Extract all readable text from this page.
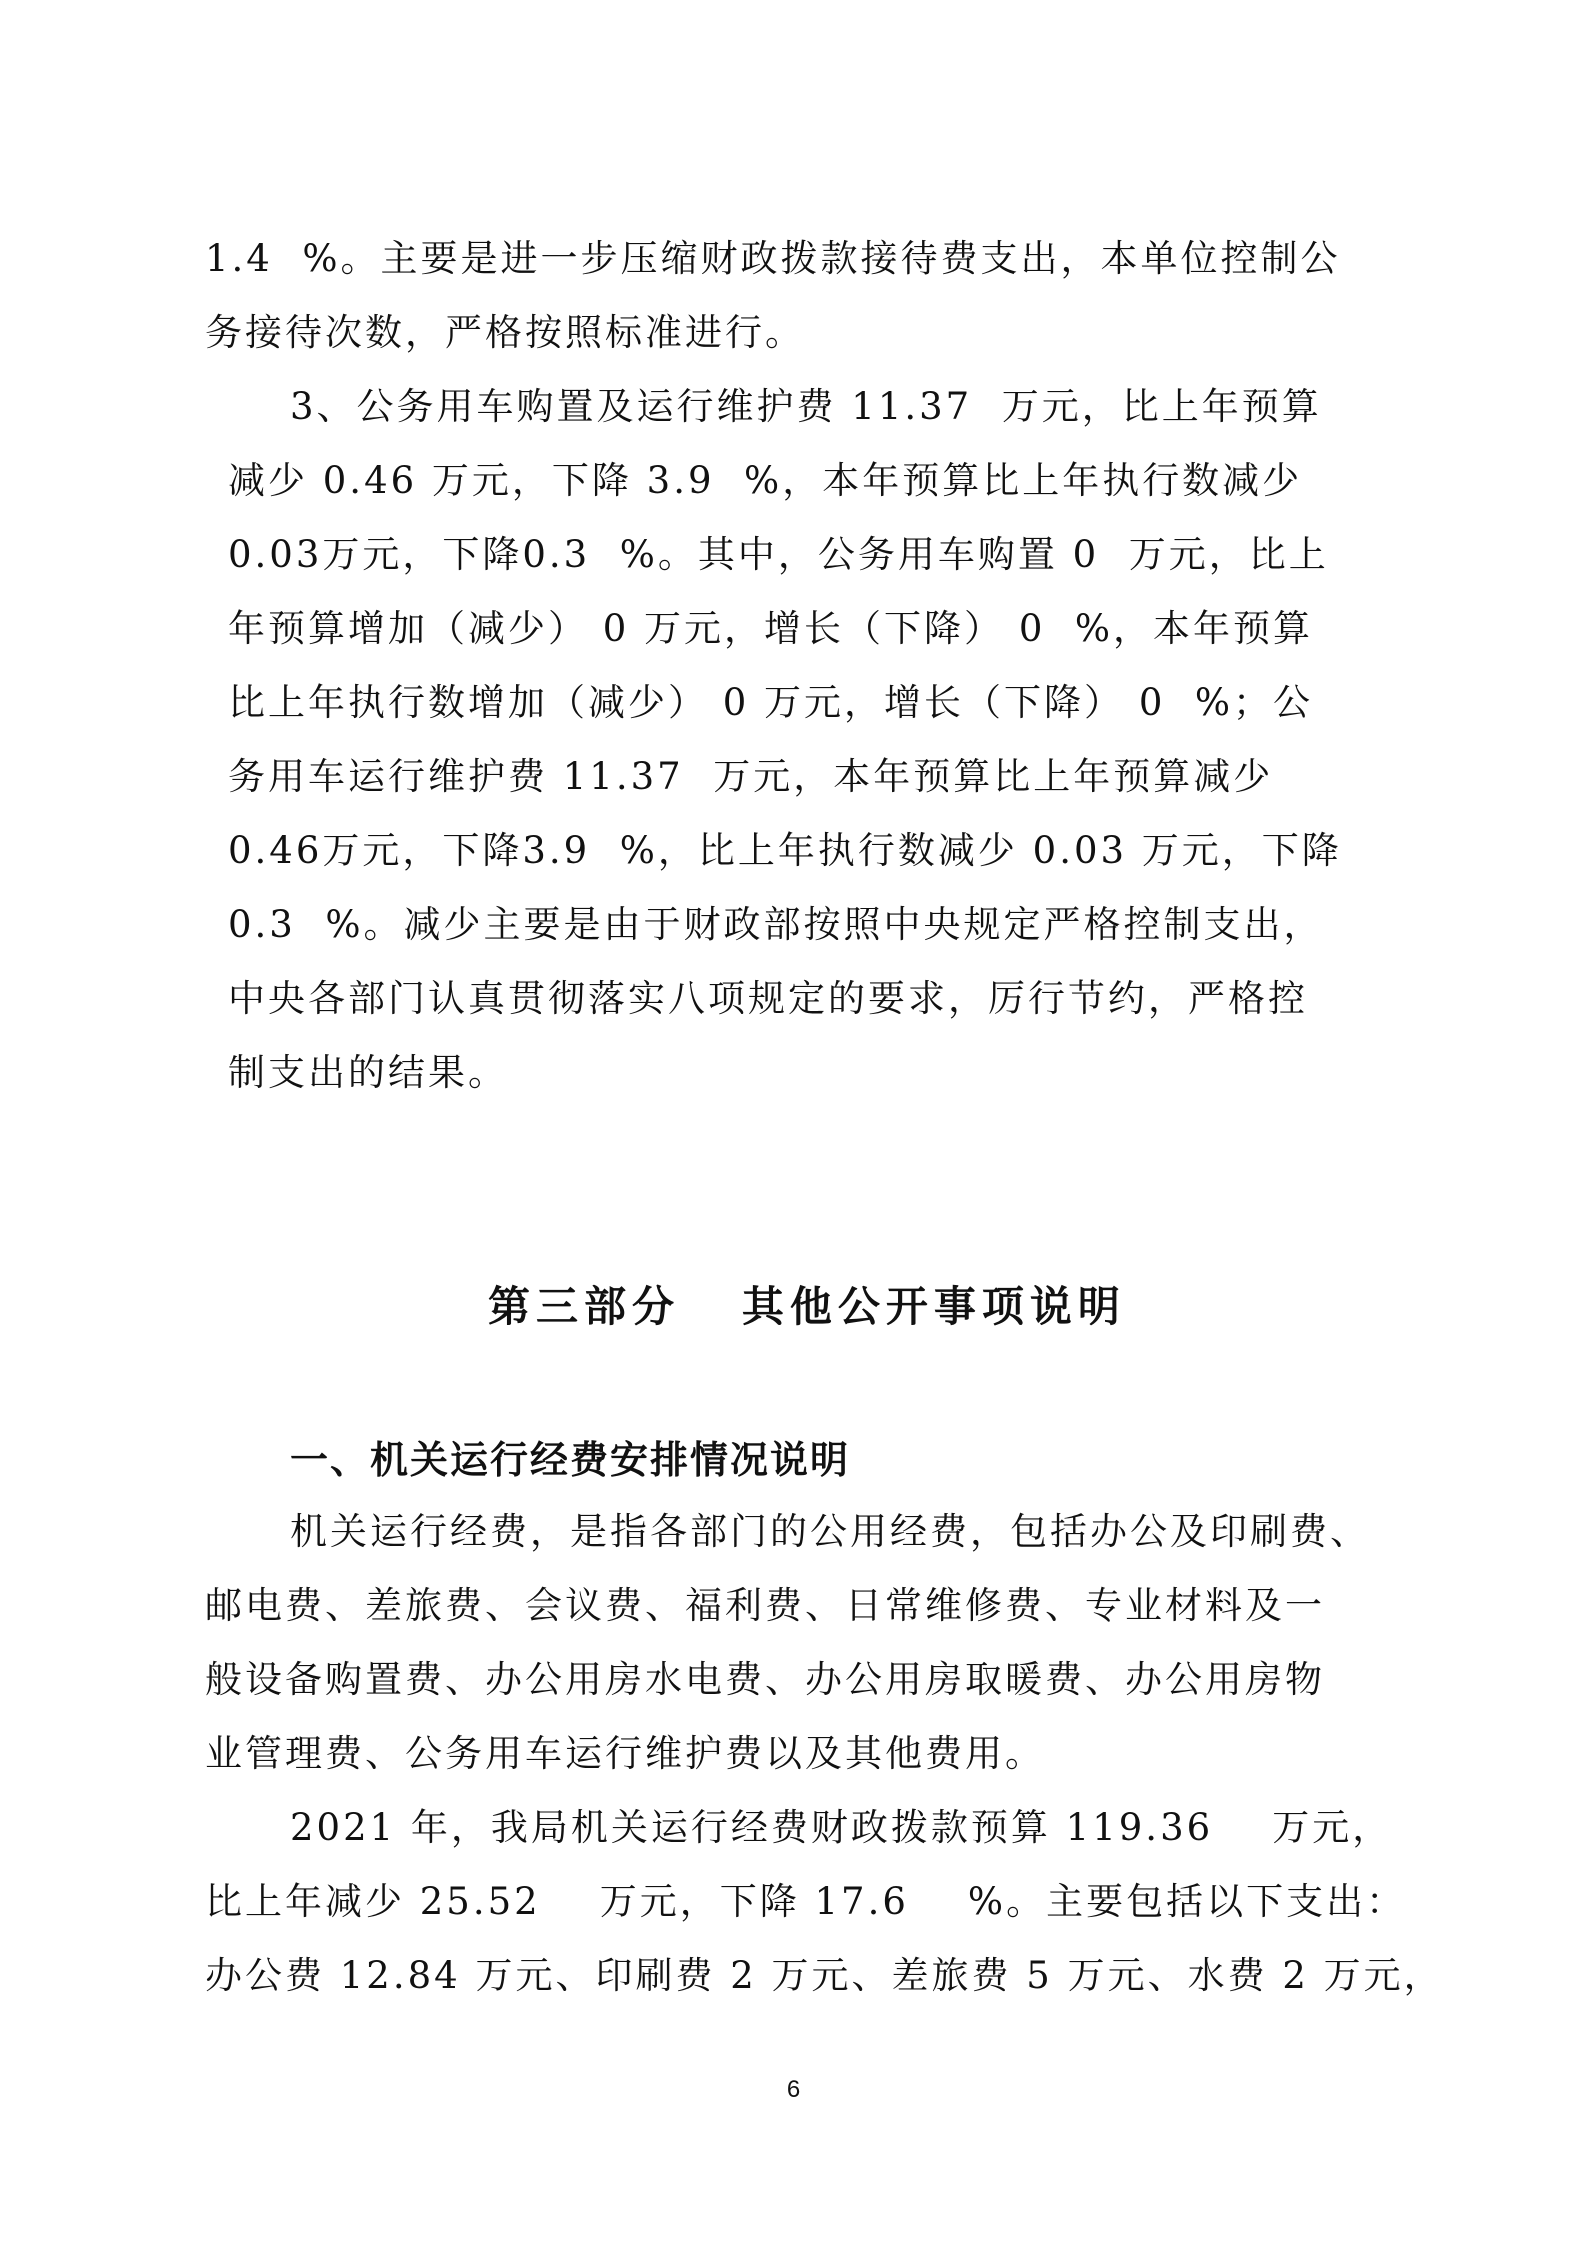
1.4  %。主要是进一步压缩财政拨款接待费支出，本单位控制公
务接待次数，严格按照标准进行。
3、公务用车购置及运行维护费 11.37  万元，比上年预算
减少 0.46 万元，下降 3.9  %，本年预算比上年执行数减少
0.03万元，下降0.3  %。其中，公务用车购置 0  万元，比上
年预算增加（减少） 0 万元，增长（下降） 0  %，本年预算
比上年执行数增加（减少） 0 万元，增长（下降） 0  %；公
务用车运行维护费 11.37  万元，本年预算比上年预算减少
0.46万元，下降3.9  %，比上年执行数减少 0.03 万元，下降
0.3  %。减少主要是由于财政部按照中央规定严格控制支出，
中央各部门认真贯彻落实八项规定的要求，厉行节约，严格控
制支出的结果。
第三部分   其他公开事项说明
一、机关运行经费安排情况说明
机关运行经费，是指各部门的公用经费，包括办公及印刷费、
邮电费、差旅费、会议费、福利费、日常维修费、专业材料及一
般设备购置费、办公用房水电费、办公用房取暖费、办公用房物
业管理费、公务用车运行维护费以及其他费用。
2021 年，我局机关运行经费财政拨款预算 119.36    万元，
比上年减少 25.52    万元，下降 17.6    %。主要包括以下支出：
办公费 12.84 万元、印刷费 2 万元、差旅费 5 万元、水费 2 万元，
6
